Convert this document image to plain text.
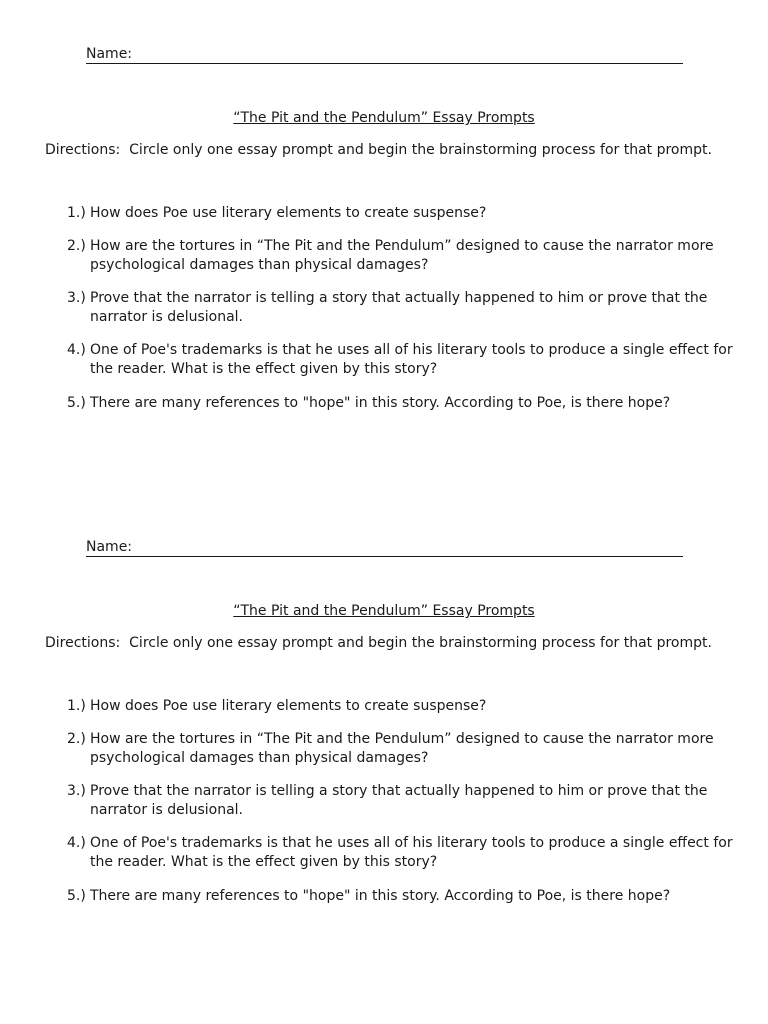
Name:
“The Pit and the Pendulum” Essay Prompts
Directions:  Circle only one essay prompt and begin the brainstorming process for that prompt.
1.) How does Poe use literary elements to create suspense?
2.) How are the tortures in “The Pit and the Pendulum” designed to cause the narrator more psychological damages than physical damages?
3.) Prove that the narrator is telling a story that actually happened to him or prove that the narrator is delusional.
4.) One of Poe's trademarks is that he uses all of his literary tools to produce a single effect for the reader. What is the effect given by this story?
5.) There are many references to "hope" in this story. According to Poe, is there hope?
Name:
“The Pit and the Pendulum” Essay Prompts
Directions:  Circle only one essay prompt and begin the brainstorming process for that prompt.
1.) How does Poe use literary elements to create suspense?
2.) How are the tortures in “The Pit and the Pendulum” designed to cause the narrator more psychological damages than physical damages?
3.) Prove that the narrator is telling a story that actually happened to him or prove that the narrator is delusional.
4.) One of Poe's trademarks is that he uses all of his literary tools to produce a single effect for the reader. What is the effect given by this story?
5.) There are many references to "hope" in this story. According to Poe, is there hope?
